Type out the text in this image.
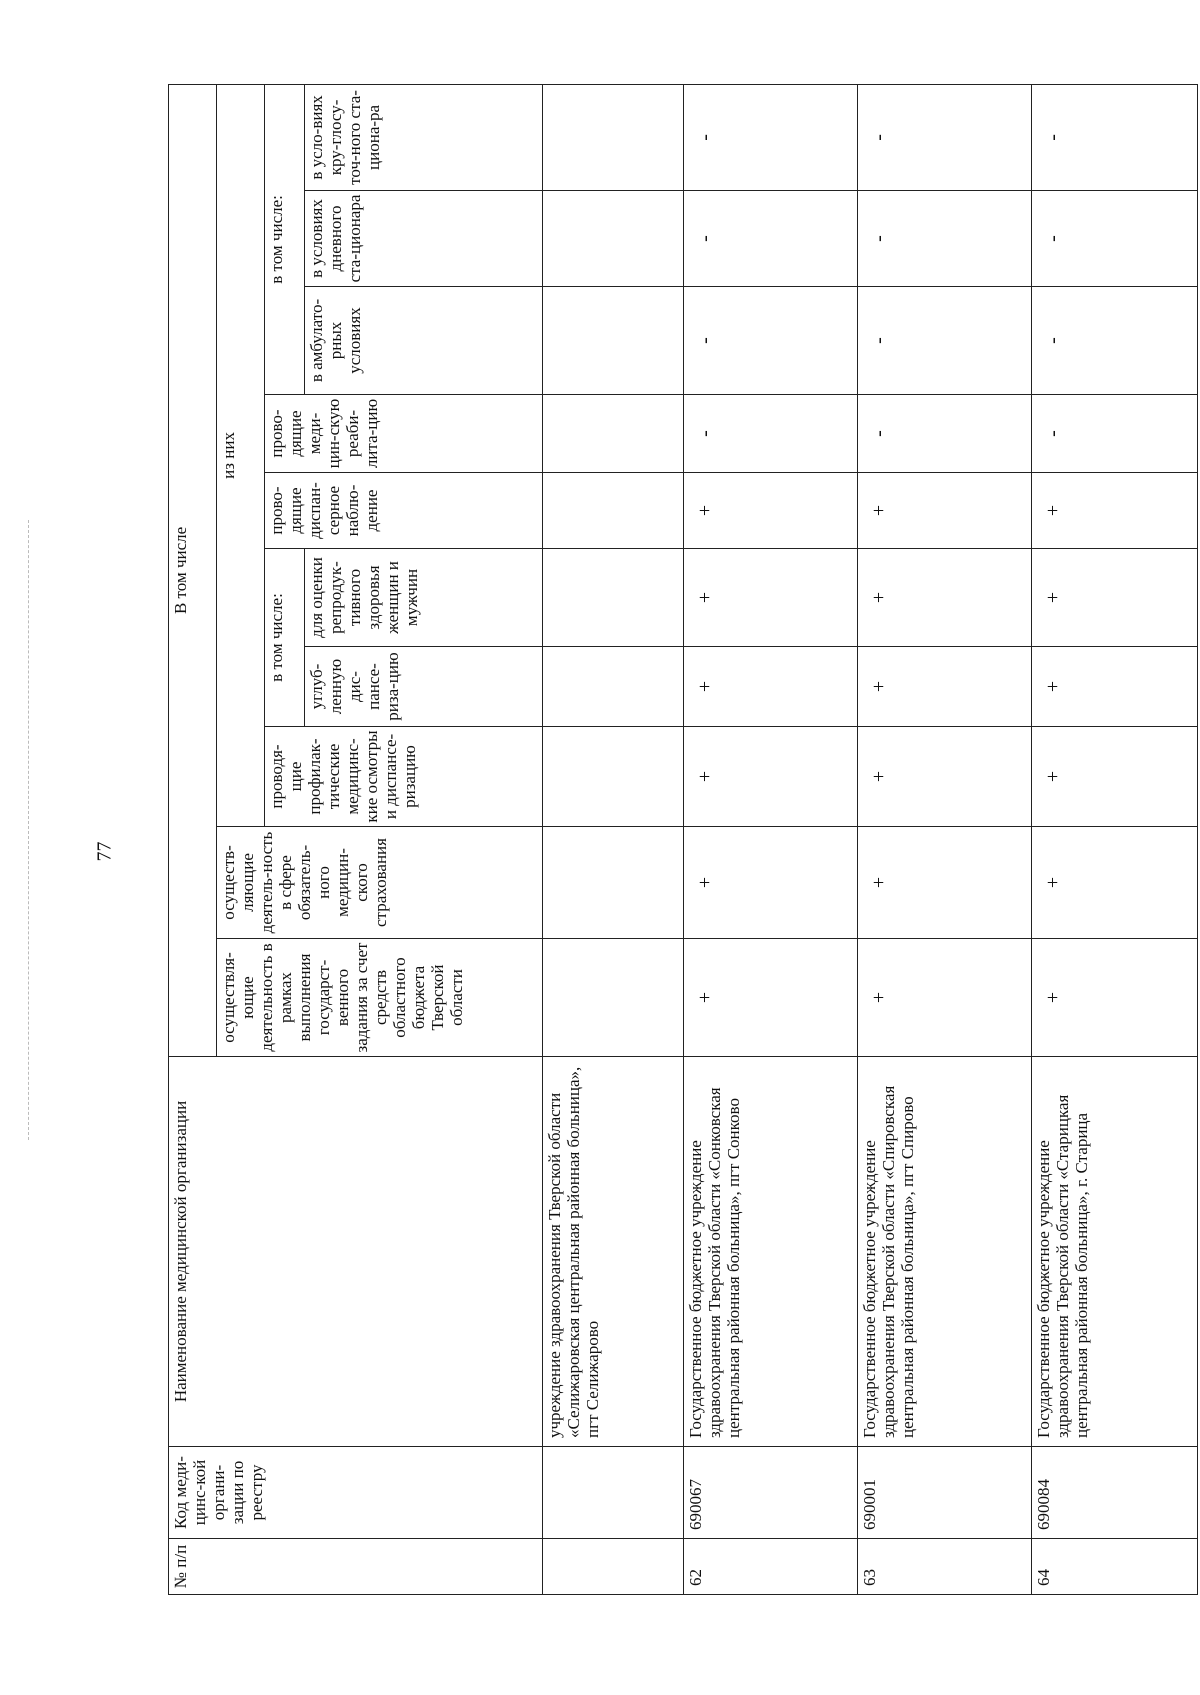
77
№ п/п	Код меди-цинс-кой органи-зации по реестру	Наименование медицинской организации	В том числе									
			осуществля-ющие деятельность в рамках выполнения государст-венного задания за счет средств областного бюджета Тверской области	осуществ-ляющие деятель-ность в сфере обязатель-ного медицин-ского страхования	из них							
					проводя-щие профилак-тические медицинс-кие осмотры и диспансе-ризацию	в том числе:		прово-дящие диспан-серное наблю-дение	прово-дящие меди-цин-скую реаби-лита-цию	в том числе:		
						углуб-ленную дис-пансе-риза-цию	для оценки репродук-тивного здоровья женщин и мужчин			в амбулато-рных условиях	в условиях дневного ста-ционара	в усло-виях кру-глосу-точ-ного ста-циона-ра
		учреждение здравоохранения Тверской области «Селижаровская центральная районная больница», пгт Селижарово										
62	690067	Государственное бюджетное учреждение здравоохранения Тверской области «Сонковская центральная районная больница», пгт Сонково	+	+	+	+	+	+	-	-	-	-
63	690001	Государственное бюджетное учреждение здравоохранения Тверской области «Спировская центральная районная больница», пгт Спирово	+	+	+	+	+	+	-	-	-	-
64	690084	Государственное бюджетное учреждение здравоохранения Тверской области «Старицкая центральная районная больница», г. Старица	+	+	+	+	+	+	-	-	-	-
